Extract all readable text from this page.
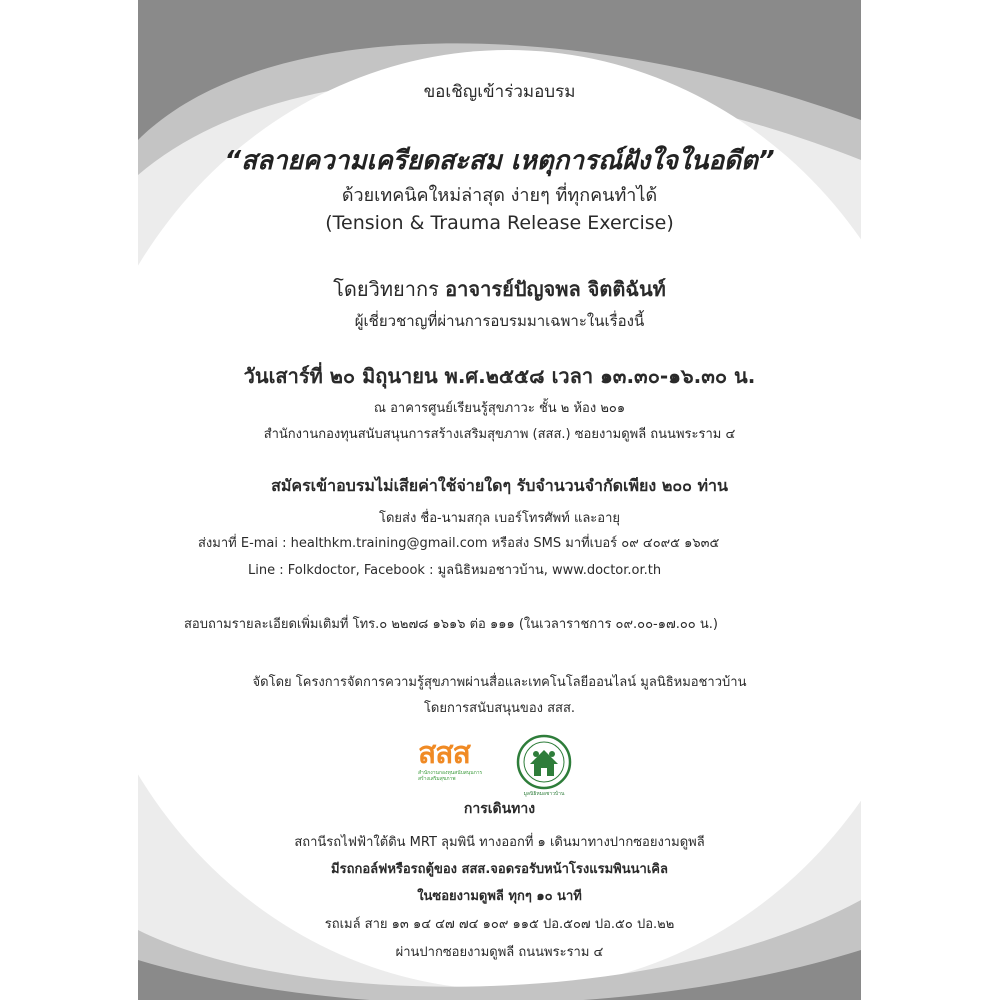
ขอเชิญเข้าร่วมอบรม
“สลายความเครียดสะสม เหตุการณ์ฝังใจในอดีต”
ด้วยเทคนิคใหม่ล่าสุด ง่ายๆ ที่ทุกคนทำได้
(Tension & Trauma Release Exercise)
โดยวิทยากร อาจารย์ปัญจพล จิตติฉันท์
ผู้เชี่ยวชาญที่ผ่านการอบรมมาเฉพาะในเรื่องนี้
วันเสาร์ที่ ๒๐ มิถุนายน พ.ศ.๒๕๕๘ เวลา ๑๓.๓๐-๑๖.๓๐ น.
ณ อาคารศูนย์เรียนรู้สุขภาวะ ชั้น ๒ ห้อง ๒๐๑
สำนักงานกองทุนสนับสนุนการสร้างเสริมสุขภาพ (สสส.) ซอยงามดูพลี ถนนพระราม ๔
สมัครเข้าอบรมไม่เสียค่าใช้จ่ายใดๆ รับจำนวนจำกัดเพียง ๒๐๐ ท่าน
โดยส่ง ชื่อ-นามสกุล เบอร์โทรศัพท์ และอายุ
ส่งมาที่ E-mai : healthkm.training@gmail.com หรือส่ง SMS มาที่เบอร์ ๐๙ ๔๐๙๕ ๑๖๓๕
Line : Folkdoctor, Facebook : มูลนิธิหมอชาวบ้าน, www.doctor.or.th
สอบถามรายละเอียดเพิ่มเติมที่ โทร.๐ ๒๒๗๘ ๑๖๑๖ ต่อ ๑๑๑ (ในเวลาราชการ ๐๙.๐๐-๑๗.๐๐ น.)
จัดโดย โครงการจัดการความรู้สุขภาพผ่านสื่อและเทคโนโลยีออนไลน์ มูลนิธิหมอชาวบ้าน
โดยการสนับสนุนของ สสส.
สสส
สำนักงานกองทุนสนับสนุนการสร้างเสริมสุขภาพ
มูลนิธิหมอชาวบ้าน
การเดินทาง
สถานีรถไฟฟ้าใต้ดิน MRT ลุมพินี ทางออกที่ ๑ เดินมาทางปากซอยงามดูพลี
มีรถกอล์ฟหรือรถตู้ของ สสส.จอดรอรับหน้าโรงแรมพินนาเคิล
ในซอยงามดูพลี ทุกๆ ๑๐ นาที
รถเมล์ สาย ๑๓ ๑๔ ๔๗ ๗๔ ๑๐๙ ๑๑๕ ปอ.๕๐๗ ปอ.๕๐ ปอ.๒๒
ผ่านปากซอยงามดูพลี ถนนพระราม ๔
